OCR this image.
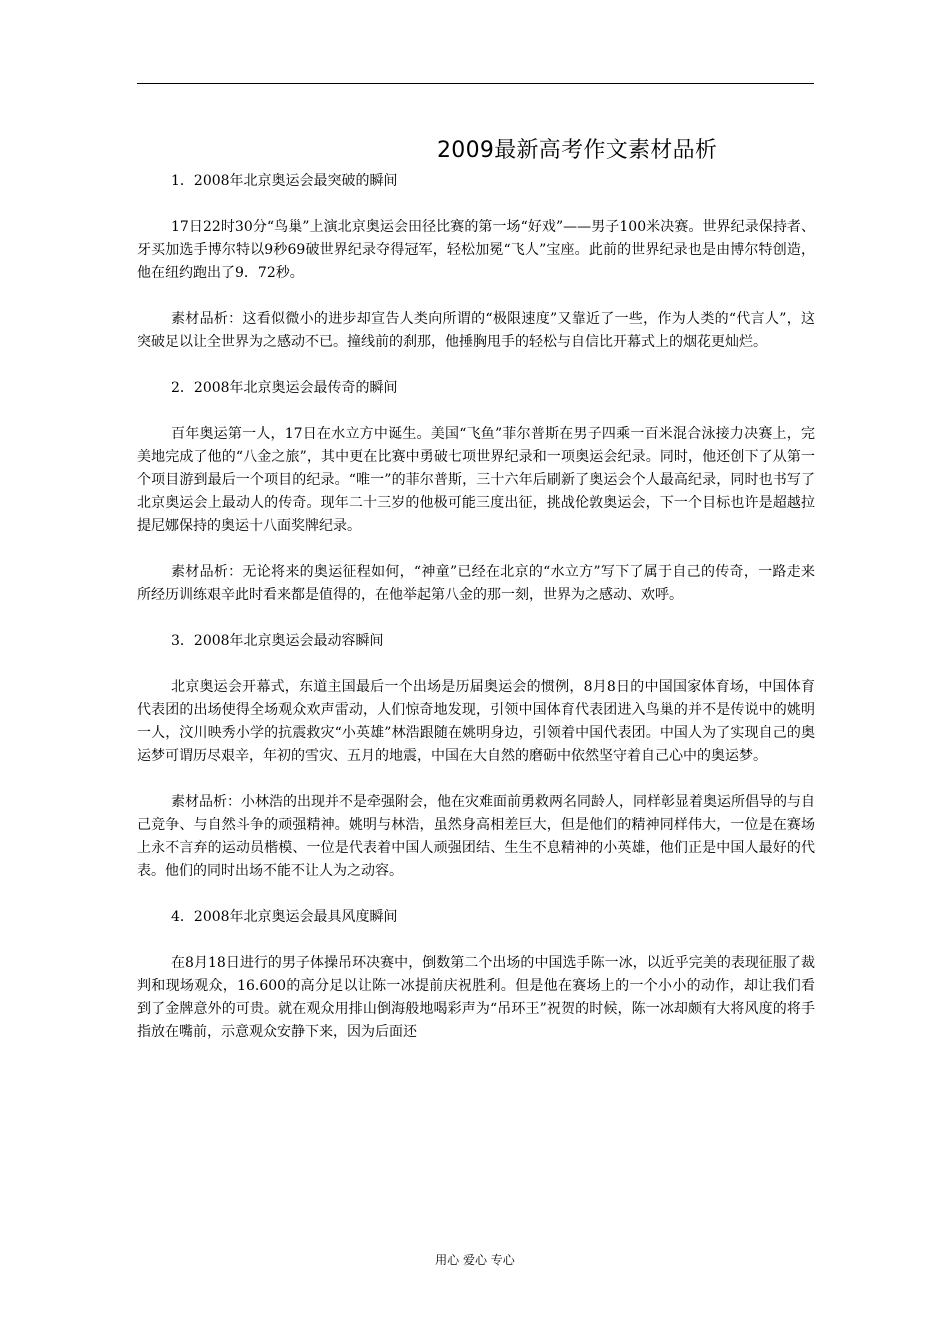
2009最新高考作文素材品析
1．2008年北京奥运会最突破的瞬间

17日22时30分“鸟巢”上演北京奥运会田径比赛的第一场“好戏”——男子100米决赛。世界纪录保持者、牙买加选手博尔特以9秒69破世界纪录夺得冠军，轻松加冕“飞人”宝座。此前的世界纪录也是由博尔特创造，他在纽约跑出了9．72秒。

素材品析：这看似微小的进步却宣告人类向所谓的“极限速度”又靠近了一些，作为人类的“代言人”，这突破足以让全世界为之感动不已。撞线前的刹那，他捶胸甩手的轻松与自信比开幕式上的烟花更灿烂。

2．2008年北京奥运会最传奇的瞬间

百年奥运第一人，17日在水立方中诞生。美国“飞鱼”菲尔普斯在男子四乘一百米混合泳接力决赛上，完美地完成了他的“八金之旅”，其中更在比赛中勇破七项世界纪录和一项奥运会纪录。同时，他还创下了从第一个项目游到最后一个项目的纪录。“唯一”的菲尔普斯，三十六年后刷新了奥运会个人最高纪录，同时也书写了北京奥运会上最动人的传奇。现年二十三岁的他极可能三度出征，挑战伦敦奥运会，下一个目标也许是超越拉提尼娜保持的奥运十八面奖牌纪录。

素材品析：无论将来的奥运征程如何，“神童”已经在北京的“水立方”写下了属于自己的传奇，一路走来所经历训练艰辛此时看来都是值得的，在他举起第八金的那一刻，世界为之感动、欢呼。

3．2008年北京奥运会最动容瞬间

北京奥运会开幕式，东道主国最后一个出场是历届奥运会的惯例，8月8日的中国国家体育场，中国体育代表团的出场使得全场观众欢声雷动，人们惊奇地发现，引领中国体育代表团进入鸟巢的并不是传说中的姚明一人，汶川映秀小学的抗震救灾“小英雄”林浩跟随在姚明身边，引领着中国代表团。中国人为了实现自己的奥运梦可谓历尽艰辛，年初的雪灾、五月的地震，中国在大自然的磨砺中依然坚守着自己心中的奥运梦。

素材品析：小林浩的出现并不是牵强附会，他在灾难面前勇救两名同龄人，同样彰显着奥运所倡导的与自己竞争、与自然斗争的顽强精神。姚明与林浩，虽然身高相差巨大，但是他们的精神同样伟大，一位是在赛场上永不言弃的运动员楷模、一位是代表着中国人顽强团结、生生不息精神的小英雄，他们正是中国人最好的代表。他们的同时出场不能不让人为之动容。

4．2008年北京奥运会最具风度瞬间

在8月18日进行的男子体操吊环决赛中，倒数第二个出场的中国选手陈一冰，以近乎完美的表现征服了裁判和现场观众，16.600的高分足以让陈一冰提前庆祝胜利。但是他在赛场上的一个小小的动作，却让我们看到了金牌意外的可贵。就在观众用排山倒海般地喝彩声为“吊环王”祝贺的时候，陈一冰却颇有大将风度的将手指放在嘴前，示意观众安静下来，因为后面还

用心 爱心 专心
